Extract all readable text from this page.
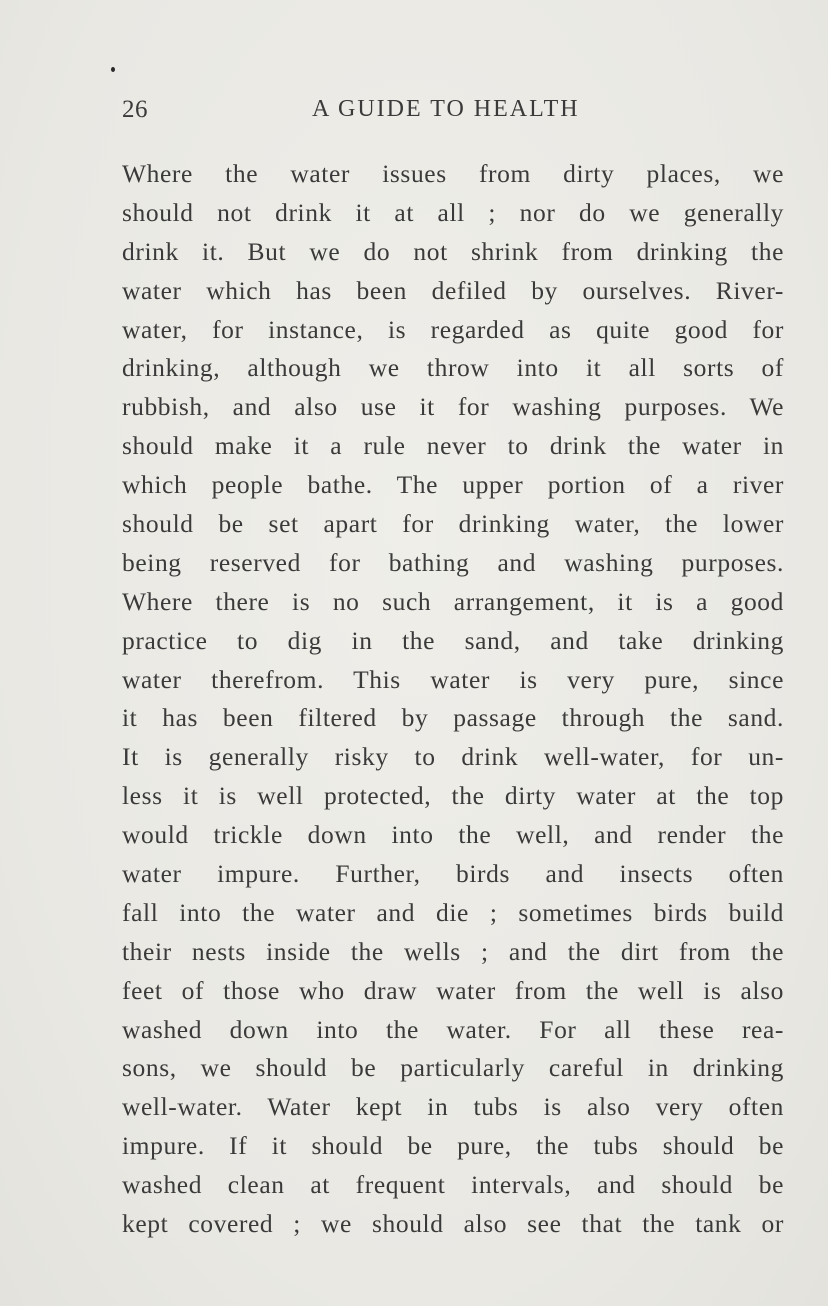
26	A GUIDE TO HEALTH
Where the water issues from dirty places, we
should not drink it at all ; nor do we generally
drink it. But we do not shrink from drinking the
water which has been defiled by ourselves. River-
water, for instance, is regarded as quite good for
drinking, although we throw into it all sorts of
rubbish, and also use it for washing purposes. We
should make it a rule never to drink the water in
which people bathe. The upper portion of a river
should be set apart for drinking water, the lower
being reserved for bathing and washing purposes.
Where there is no such arrangement, it is a good
practice to dig in the sand, and take drinking
water therefrom. This water is very pure, since
it has been filtered by passage through the sand.
It is generally risky to drink well-water, for un-
less it is well protected, the dirty water at the top
would trickle down into the well, and render the
water impure. Further, birds and insects often
fall into the water and die ; sometimes birds build
their nests inside the wells ; and the dirt from the
feet of those who draw water from the well is also
washed down into the water. For all these rea-
sons, we should be particularly careful in drinking
well-water. Water kept in tubs is also very often
impure. If it should be pure, the tubs should be
washed clean at frequent intervals, and should be
kept covered ; we should also see that the tank or
